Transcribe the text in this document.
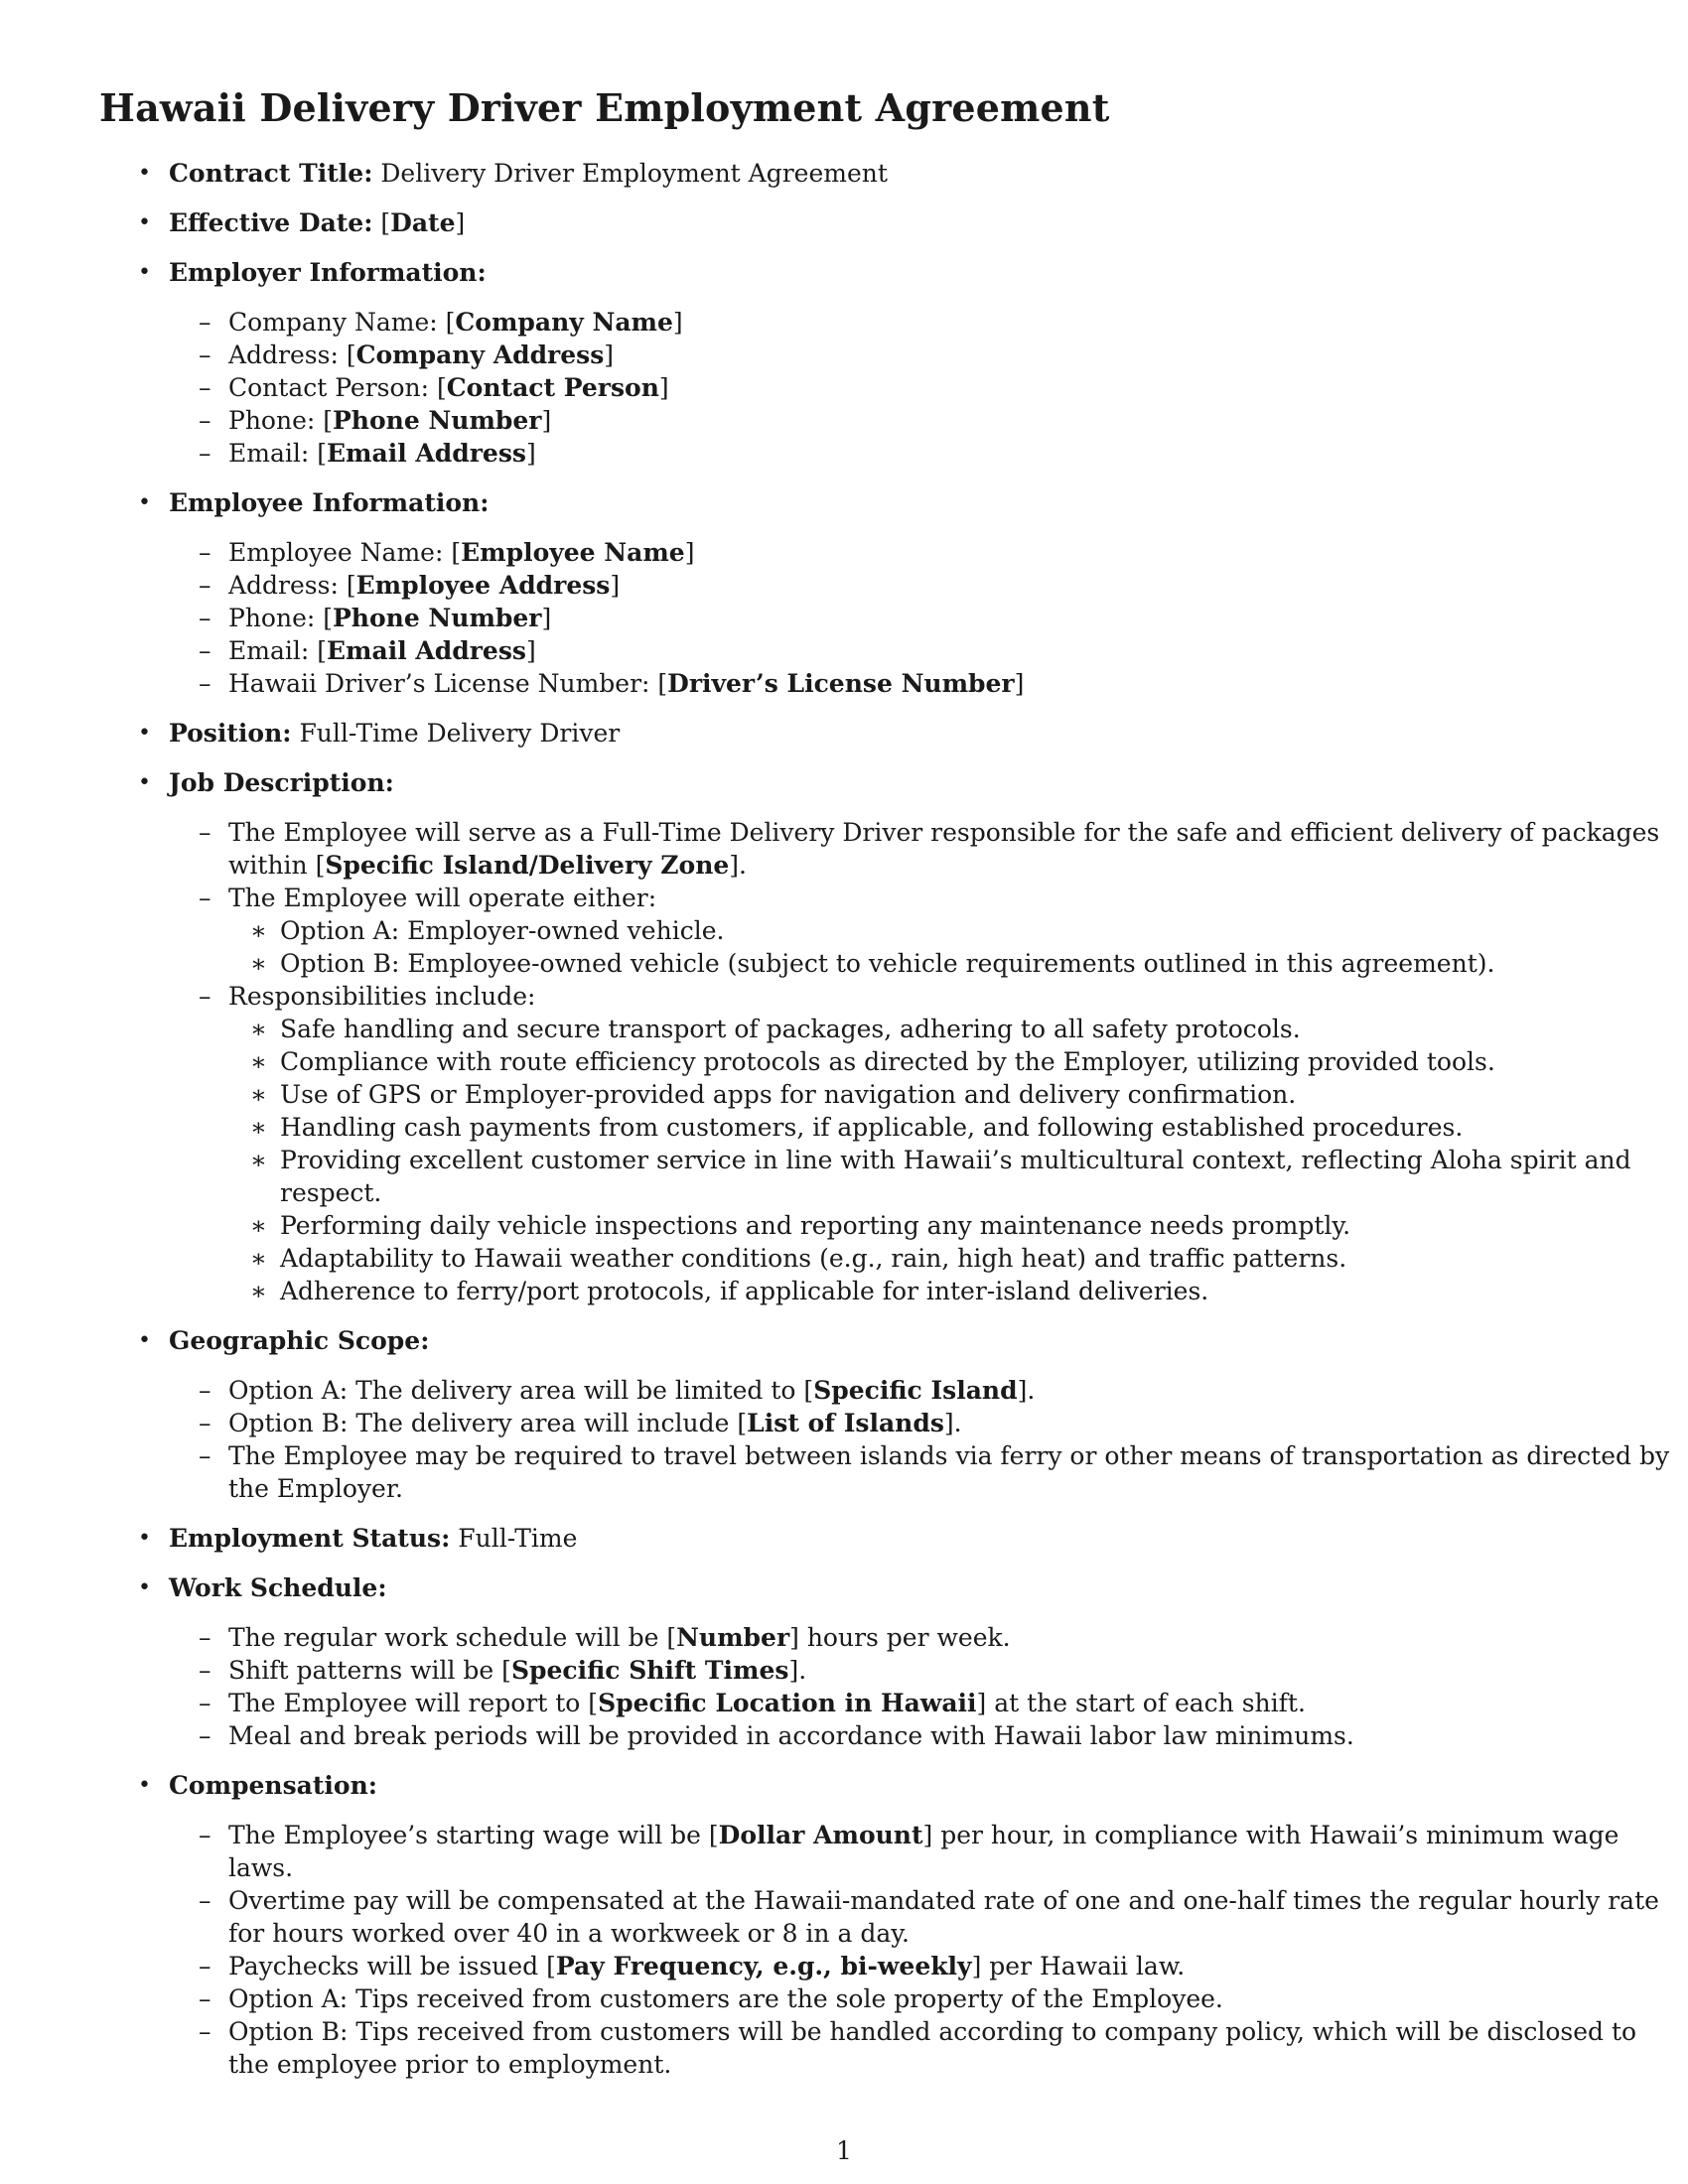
Hawaii Delivery Driver Employment Agreement
• Contract Title: Delivery Driver Employment Agreement
• Effective Date: [Date]
• Employer Information:
– Company Name: [Company Name]
– Address: [Company Address]
– Contact Person: [Contact Person]
– Phone: [Phone Number]
– Email: [Email Address]
• Employee Information:
– Employee Name: [Employee Name]
– Address: [Employee Address]
– Phone: [Phone Number]
– Email: [Email Address]
– Hawaii Driver’s License Number: [Driver’s License Number]
• Position: Full-Time Delivery Driver
• Job Description:
– The Employee will serve as a Full-Time Delivery Driver responsible for the safe and efficient delivery of packages
within [Specific Island/Delivery Zone].
– The Employee will operate either:
∗ Option A: Employer-owned vehicle.
∗ Option B: Employee-owned vehicle (subject to vehicle requirements outlined in this agreement).
– Responsibilities include:
∗ Safe handling and secure transport of packages, adhering to all safety protocols.
∗ Compliance with route efficiency protocols as directed by the Employer, utilizing provided tools.
∗ Use of GPS or Employer-provided apps for navigation and delivery confirmation.
∗ Handling cash payments from customers, if applicable, and following established procedures.
∗ Providing excellent customer service in line with Hawaii’s multicultural context, reflecting Aloha spirit and
respect.
∗ Performing daily vehicle inspections and reporting any maintenance needs promptly.
∗ Adaptability to Hawaii weather conditions (e.g., rain, high heat) and traffic patterns.
∗ Adherence to ferry/port protocols, if applicable for inter-island deliveries.
• Geographic Scope:
– Option A: The delivery area will be limited to [Specific Island].
– Option B: The delivery area will include [List of Islands].
– The Employee may be required to travel between islands via ferry or other means of transportation as directed by
the Employer.
• Employment Status: Full-Time
• Work Schedule:
– The regular work schedule will be [Number] hours per week.
– Shift patterns will be [Specific Shift Times].
– The Employee will report to [Specific Location in Hawaii] at the start of each shift.
– Meal and break periods will be provided in accordance with Hawaii labor law minimums.
• Compensation:
– The Employee’s starting wage will be [Dollar Amount] per hour, in compliance with Hawaii’s minimum wage
laws.
– Overtime pay will be compensated at the Hawaii-mandated rate of one and one-half times the regular hourly rate
for hours worked over 40 in a workweek or 8 in a day.
– Paychecks will be issued [Pay Frequency, e.g., bi-weekly] per Hawaii law.
– Option A: Tips received from customers are the sole property of the Employee.
– Option B: Tips received from customers will be handled according to company policy, which will be disclosed to
the employee prior to employment.
1
